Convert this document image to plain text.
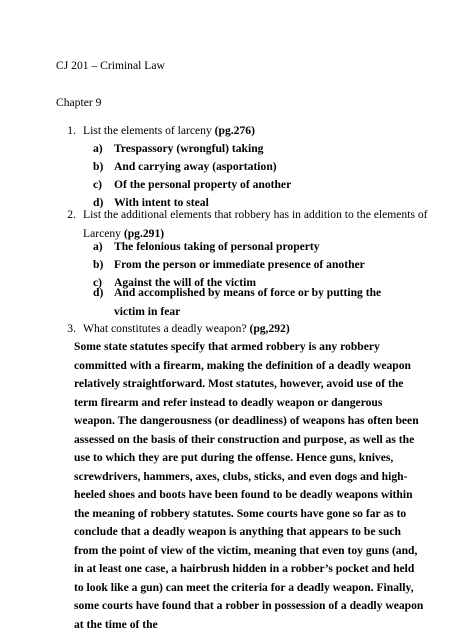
CJ 201 – Criminal Law
Chapter 9
1. List the elements of larceny (pg.276)
a) Trespassory (wrongful) taking
b) And carrying away (asportation)
c)	Of the personal property of another
d) With intent to steal
2. List the additional elements that robbery has in addition to the elements of
Larceny (pg.291)
a) The felonious taking of personal property
b) From the person or immediate presence of another
c)	Against the will of the victim
d) And accomplished by means of force or by putting the victim in fear
3. What constitutes a deadly weapon? (pg,292)

Some state statutes specify that armed robbery is any robbery committed with a firearm, making the definition of a deadly weapon relatively straightforward. Most statutes, however, avoid use of the term firearm and refer instead to deadly weapon or dangerous weapon. The dangerousness (or deadliness) of weapons has often been assessed on the basis of their construction and purpose, as well as the use to which they are put during the offense. Hence guns, knives, screwdrivers, hammers, axes, clubs, sticks, and even dogs and high-heeled shoes and boots have been found to be deadly weapons within the meaning of robbery statutes. Some courts have gone so far as to conclude that a deadly weapon is anything that appears to be such from the point of view of the victim, meaning that even toy guns (and, in at least one case, a hairbrush hidden in a robber’s pocket and held to look like a gun) can meet the criteria for a deadly weapon. Finally, some courts have found that a robber in possession of a deadly weapon at the time of the
